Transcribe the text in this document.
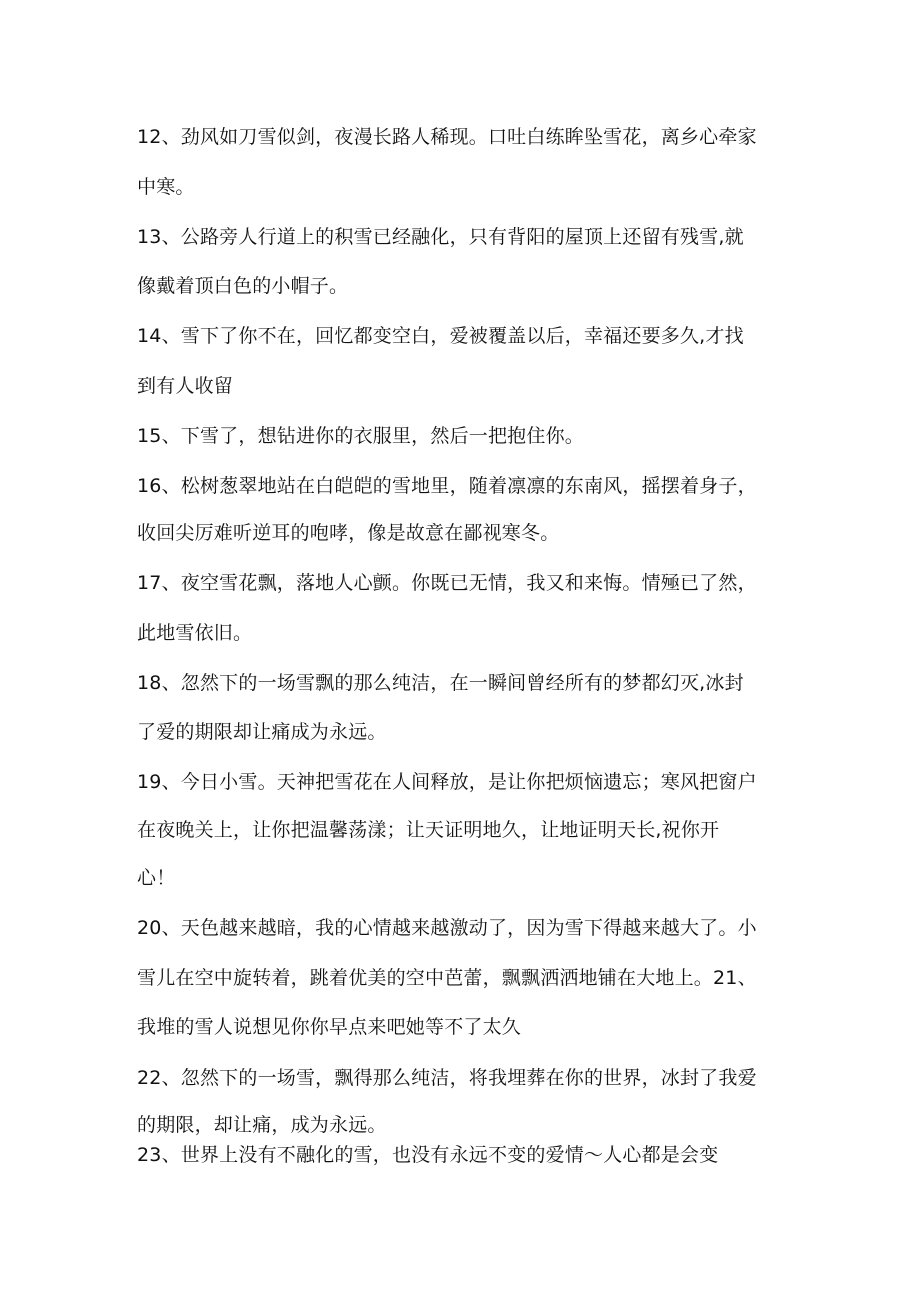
12、劲风如刀雪似剑，夜漫长路人稀现。口吐白练眸坠雪花，离乡心牵家
中寒。
13、公路旁人行道上的积雪已经融化，只有背阳的屋顶上还留有残雪,就
像戴着顶白色的小帽子。
14、雪下了你不在，回忆都变空白，爱被覆盖以后，幸福还要多久,才找
到有人收留
15、下雪了，想钻进你的衣服里，然后一把抱住你。
16、松树葱翠地站在白皑皑的雪地里，随着凛凛的东南风，摇摆着身子，
收回尖厉难听逆耳的咆哮，像是故意在鄙视寒冬。
17、夜空雪花飘，落地人心颤。你既已无情，我又和来悔。情殛已了然，
此地雪依旧。
18、忽然下的一场雪飘的那么纯洁，在一瞬间曾经所有的梦都幻灭,冰封
了爱的期限却让痛成为永远。
19、今日小雪。天神把雪花在人间释放，是让你把烦恼遗忘；寒风把窗户
在夜晚关上，让你把温馨荡漾；让天证明地久，让地证明天长,祝你开
心！
20、天色越来越暗，我的心情越来越激动了，因为雪下得越来越大了。小
雪儿在空中旋转着，跳着优美的空中芭蕾，飘飘洒洒地铺在大地上。21、
我堆的雪人说想见你你早点来吧她等不了太久
22、忽然下的一场雪，飘得那么纯洁，将我埋葬在你的世界，冰封了我爱
的期限，却让痛，成为永远。
23、世界上没有不融化的雪，也没有永远不变的爱情～人心都是会变
